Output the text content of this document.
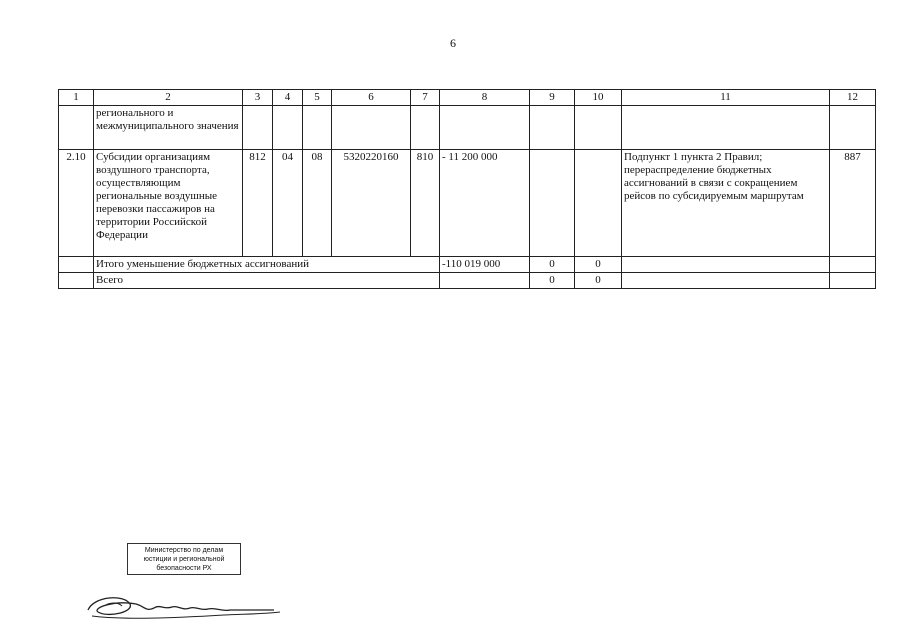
6
1	2	3	4	5	6	7	8	9	10	11	12
	регионального и межмуниципального значения										
2.10	Субсидии организациям воздушного транспорта, осуществляющим региональные воздушные перевозки пассажиров на территории Российской Федерации	812	04	08	5320220160	810	- 11 200 000			Подпункт 1 пункта 2 Правил; перераспределение бюджетных ассигнований в связи с сокращением рейсов по субсидируемым маршрутам	887
	Итого уменьшение бюджетных ассигнований						-110 019 000	0	0		
	Всего							0	0		
Министерство по делам
юстиции и региональной
безопасности РХ
